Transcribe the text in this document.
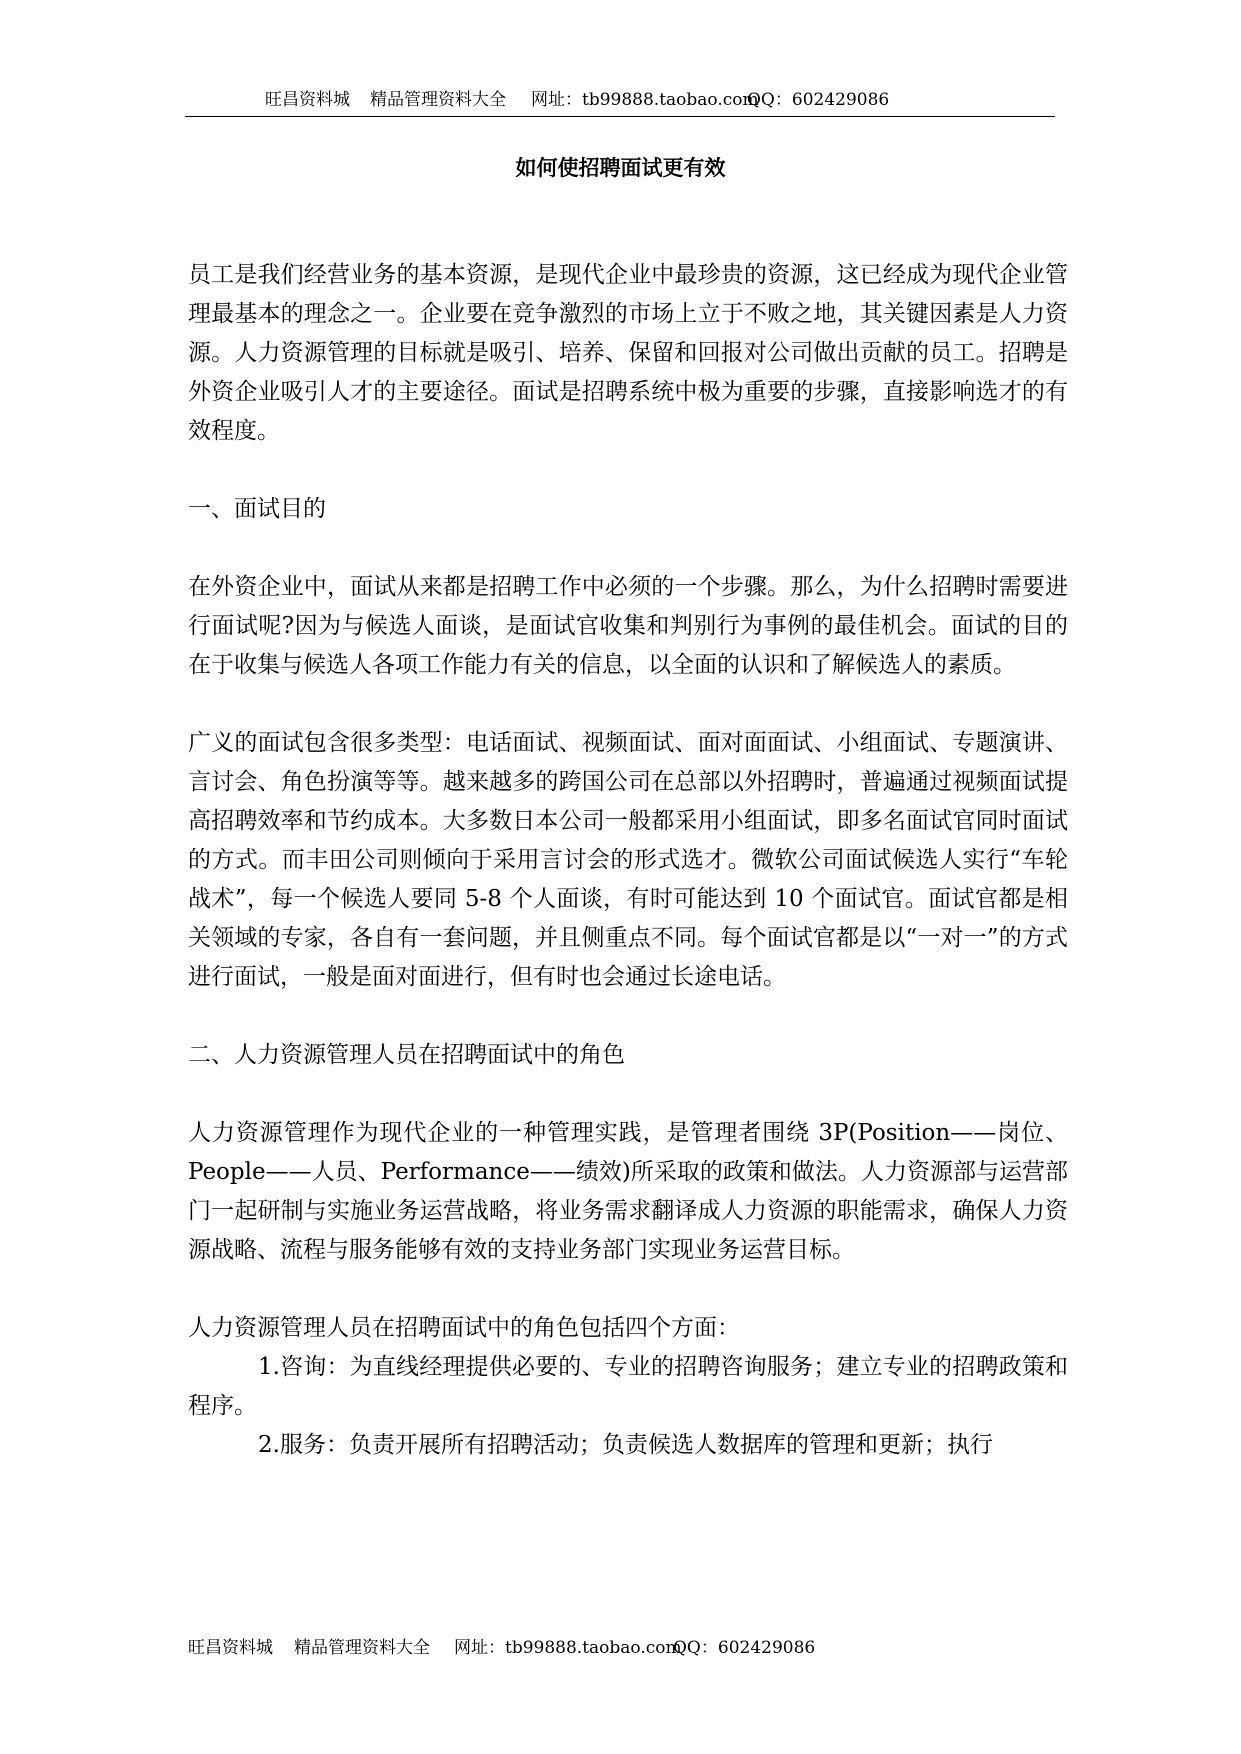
旺昌资料城 精品管理资料大全 网址：tb99888.taobao.com
QQ：602429086
如何使招聘面试更有效

员工是我们经营业务的基本资源，是现代企业中最珍贵的资源，这已经成为现代企业管理最基本的理念之一。企业要在竞争激烈的市场上立于不败之地，其关键因素是人力资源。人力资源管理的目标就是吸引、培养、保留和回报对公司做出贡献的员工。招聘是外资企业吸引人才的主要途径。面试是招聘系统中极为重要的步骤，直接影响选才的有效程度。

一、面试目的

在外资企业中，面试从来都是招聘工作中必须的一个步骤。那么，为什么招聘时需要进行面试呢?因为与候选人面谈，是面试官收集和判别行为事例的最佳机会。面试的目的在于收集与候选人各项工作能力有关的信息，以全面的认识和了解候选人的素质。

广义的面试包含很多类型：电话面试、视频面试、面对面面试、小组面试、专题演讲、言讨会、角色扮演等等。越来越多的跨国公司在总部以外招聘时，普遍通过视频面试提高招聘效率和节约成本。大多数日本公司一般都采用小组面试，即多名面试官同时面试的方式。而丰田公司则倾向于采用言讨会的形式选才。微软公司面试候选人实行“车轮战术”，每一个候选人要同 5-8 个人面谈，有时可能达到 10 个面试官。面试官都是相关领域的专家，各自有一套问题，并且侧重点不同。每个面试官都是以“一对一”的方式进行面试，一般是面对面进行，但有时也会通过长途电话。

二、人力资源管理人员在招聘面试中的角色

人力资源管理作为现代企业的一种管理实践，是管理者围绕 3P(Position——岗位、People——人员、Performance——绩效)所采取的政策和做法。人力资源部与运营部门一起研制与实施业务运营战略，将业务需求翻译成人力资源的职能需求，确保人力资源战略、流程与服务能够有效的支持业务部门实现业务运营目标。

人力资源管理人员在招聘面试中的角色包括四个方面：

1.咨询：为直线经理提供必要的、专业的招聘咨询服务；建立专业的招聘政策和程序。

2.服务：负责开展所有招聘活动；负责候选人数据库的管理和更新；执行

旺昌资料城 精品管理资料大全 网址：tb99888.taobao.com
QQ：602429086
